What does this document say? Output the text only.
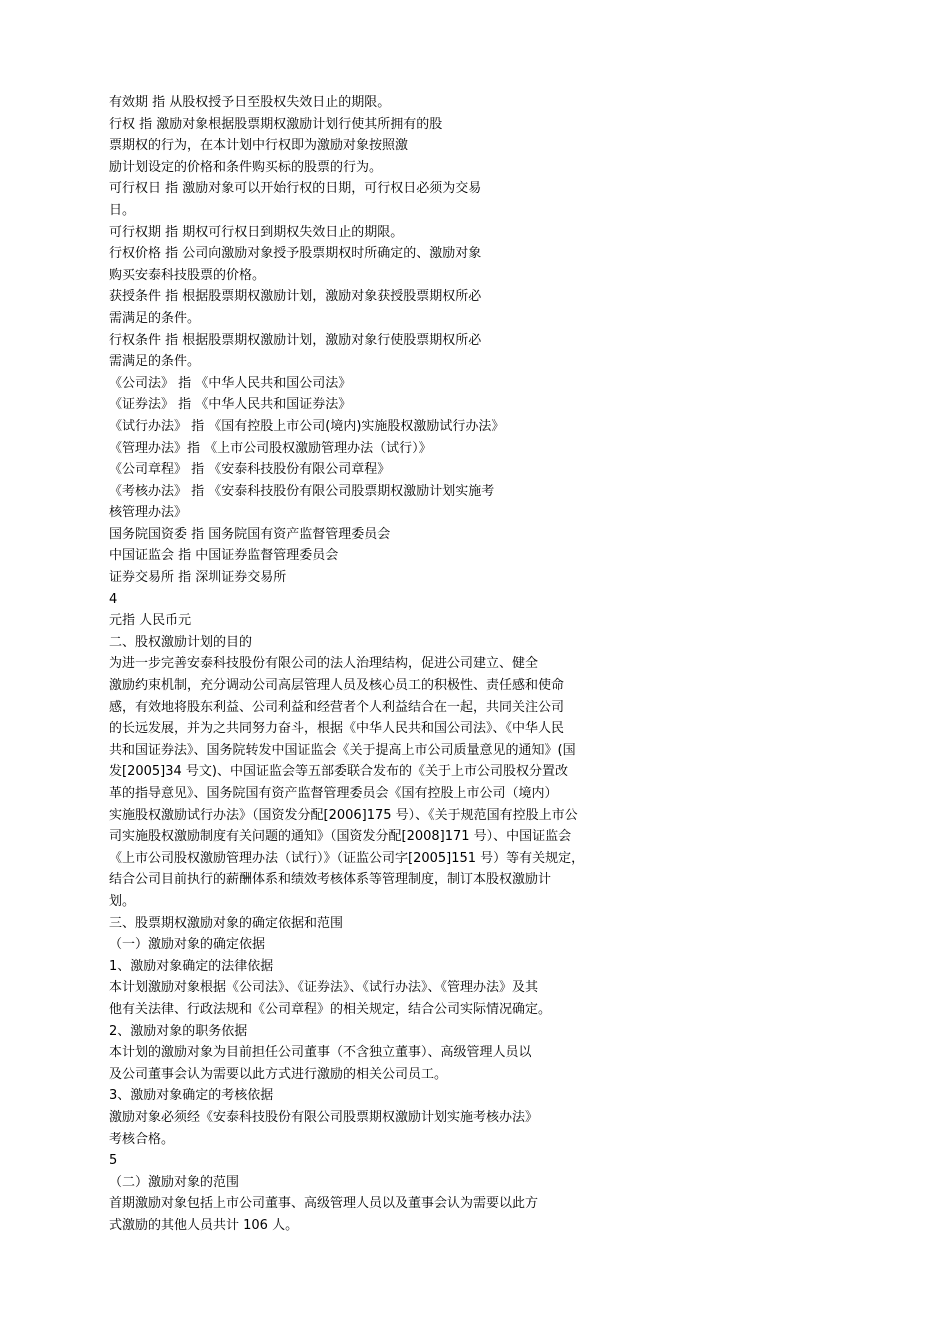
有效期 指 从股权授予日至股权失效日止的期限。

行权 指 激励对象根据股票期权激励计划行使其所拥有的股

票期权的行为，在本计划中行权即为激励对象按照激

励计划设定的价格和条件购买标的股票的行为。

可行权日 指 激励对象可以开始行权的日期，可行权日必须为交易

日。

可行权期 指 期权可行权日到期权失效日止的期限。

行权价格 指 公司向激励对象授予股票期权时所确定的、激励对象

购买安泰科技股票的价格。

获授条件 指 根据股票期权激励计划，激励对象获授股票期权所必

需满足的条件。

行权条件 指 根据股票期权激励计划，激励对象行使股票期权所必

需满足的条件。

《公司法》 指 《中华人民共和国公司法》

《证券法》 指 《中华人民共和国证券法》

《试行办法》 指 《国有控股上市公司(境内)实施股权激励试行办法》

《管理办法》指 《上市公司股权激励管理办法（试行）》

《公司章程》 指 《安泰科技股份有限公司章程》

《考核办法》 指 《安泰科技股份有限公司股票期权激励计划实施考

核管理办法》

国务院国资委 指 国务院国有资产监督管理委员会

中国证监会 指 中国证券监督管理委员会

证券交易所 指 深圳证券交易所

4

元指 人民币元

二、股权激励计划的目的

为进一步完善安泰科技股份有限公司的法人治理结构，促进公司建立、健全

激励约束机制，充分调动公司高层管理人员及核心员工的积极性、责任感和使命

感，有效地将股东利益、公司利益和经营者个人利益结合在一起，共同关注公司

的长远发展，并为之共同努力奋斗，根据《中华人民共和国公司法》、《中华人民

共和国证券法》、国务院转发中国证监会《关于提高上市公司质量意见的通知》(国

发[2005]34 号文)、中国证监会等五部委联合发布的《关于上市公司股权分置改

革的指导意见》、国务院国有资产监督管理委员会《国有控股上市公司（境内）

实施股权激励试行办法》（国资发分配[2006]175 号）、《关于规范国有控股上市公

司实施股权激励制度有关问题的通知》（国资发分配[2008]171 号）、中国证监会

《上市公司股权激励管理办法（试行）》（证监公司字[2005]151 号）等有关规定，

结合公司目前执行的薪酬体系和绩效考核体系等管理制度，制订本股权激励计

划。

三、股票期权激励对象的确定依据和范围

（一）激励对象的确定依据

1、激励对象确定的法律依据

本计划激励对象根据《公司法》、《证券法》、《试行办法》、《管理办法》及其

他有关法律、行政法规和《公司章程》的相关规定，结合公司实际情况确定。

2、激励对象的职务依据

本计划的激励对象为目前担任公司董事（不含独立董事）、高级管理人员以

及公司董事会认为需要以此方式进行激励的相关公司员工。

3、激励对象确定的考核依据

激励对象必须经《安泰科技股份有限公司股票期权激励计划实施考核办法》

考核合格。

5

（二）激励对象的范围

首期激励对象包括上市公司董事、高级管理人员以及董事会认为需要以此方

式激励的其他人员共计 106 人。
